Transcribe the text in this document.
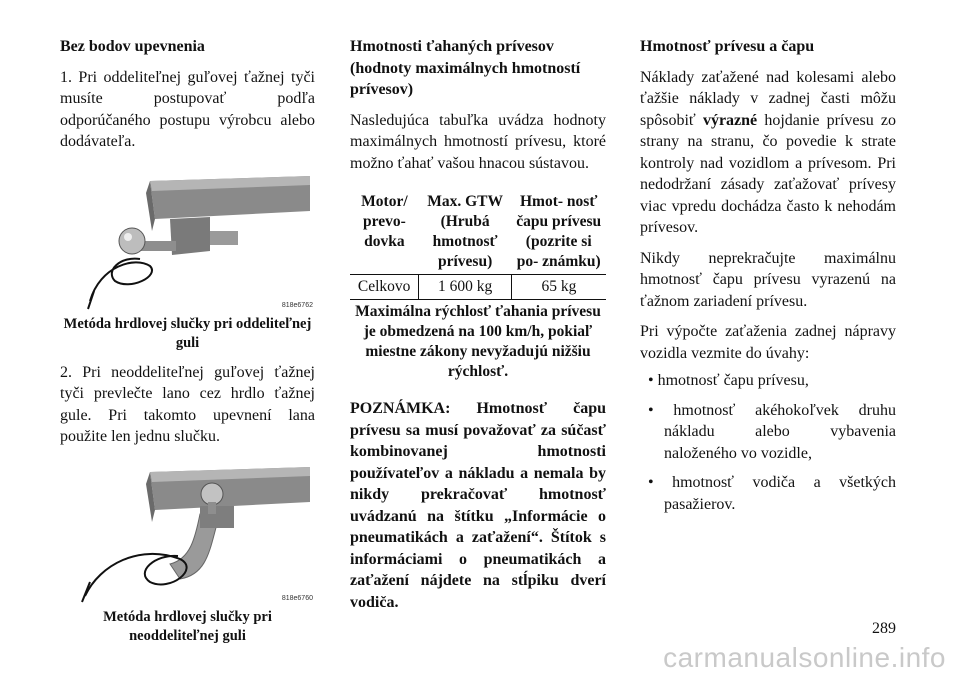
Bez bodov upevnenia

1. Pri oddeliteľnej guľovej ťažnej tyči musíte postupovať podľa odporúčaného postupu výrobcu alebo dodávateľa.

818e6762
Metóda hrdlovej slučky pri oddeliteľnej guli

2. Pri neoddeliteľnej guľovej ťažnej tyči prevlečte lano cez hrdlo ťažnej gule. Pri takomto upevnení lana použite len jednu slučku.

818e6760
Metóda hrdlovej slučky pri neoddeliteľnej guli
Hmotnosti ťahaných prívesov (hodnoty maximálnych hmotností prívesov)

Nasledujúca tabuľka uvádza hodnoty maximálnych hmotností prívesu, ktoré možno ťahať vašou hnacou sústavou.

Motor/ prevo- dovka	Max. GTW (Hrubá hmotnosť prívesu)	Hmot- nosť čapu prívesu (pozrite si po- známku)
Celkovo	1 600 kg	65 kg
Maximálna rýchlosť ťahania prívesu je obmedzená na 100 km/h, pokiaľ miestne zákony nevyžadujú nižšiu rýchlosť.		
POZNÁMKA: Hmotnosť čapu prívesu sa musí považovať za súčasť kombinovanej hmotnosti používateľov a nákladu a nemala by nikdy prekračovať hmotnosť uvádzanú na štítku „Informácie o pneumatikách a zaťažení“. Štítok s informáciami o pneumatikách a zaťažení nájdete na stĺpiku dverí vodiča.
Hmotnosť prívesu a čapu

Náklady zaťažené nad kolesami alebo ťažšie náklady v zadnej časti môžu spôsobiť výrazné hojdanie prívesu zo strany na stranu, čo povedie k strate kontroly nad vozidlom a prívesom. Pri nedodržaní zásady zaťažovať prívesy viac vpredu dochádza často k nehodám prívesov.

Nikdy neprekračujte maximálnu hmotnosť čapu prívesu vyrazenú na ťažnom zariadení prívesu.

Pri výpočte zaťaženia zadnej nápravy vozidla vezmite do úvahy:

• hmotnosť čapu prívesu,
• hmotnosť akéhokoľvek druhu nákladu alebo vybavenia naloženého vo vozidle,
• hmotnosť vodiča a všetkých pasažierov.
289
carmanualsonline.info
